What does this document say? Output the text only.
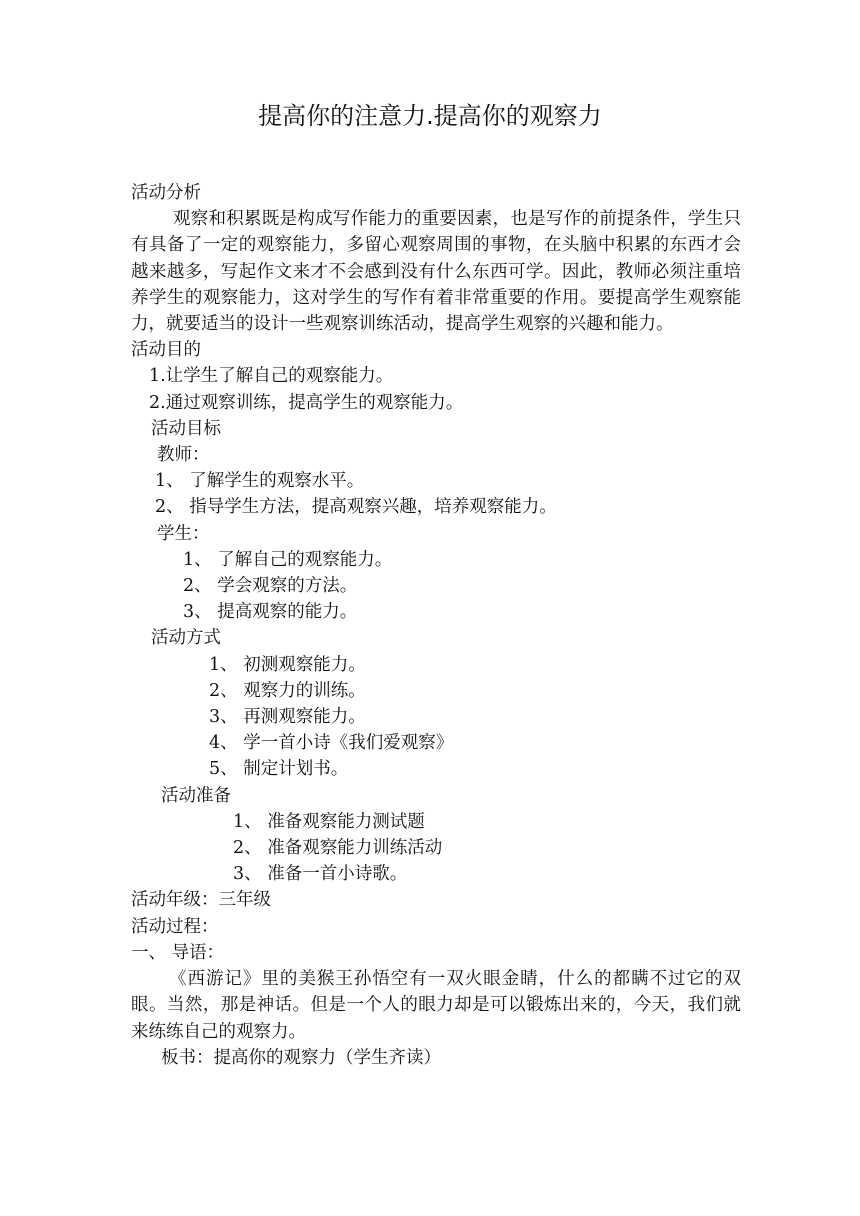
提高你的注意力.提高你的观察力
活动分析
观察和积累既是构成写作能力的重要因素，也是写作的前提条件，学生只有具备了一定的观察能力，多留心观察周围的事物，在头脑中积累的东西才会越来越多，写起作文来才不会感到没有什么东西可学。因此，教师必须注重培养学生的观察能力，这对学生的写作有着非常重要的作用。要提高学生观察能力，就要适当的设计一些观察训练活动，提高学生观察的兴趣和能力。
活动目的
1.让学生了解自己的观察能力。
2.通过观察训练，提高学生的观察能力。
活动目标
教师：
1、 了解学生的观察水平。
2、 指导学生方法，提高观察兴趣，培养观察能力。
学生：
1、 了解自己的观察能力。
2、 学会观察的方法。
3、 提高观察的能力。
活动方式
1、 初测观察能力。
2、 观察力的训练。
3、 再测观察能力。
4、 学一首小诗《我们爱观察》
5、 制定计划书。
活动准备
1、 准备观察能力测试题
2、 准备观察能力训练活动
3、 准备一首小诗歌。
活动年级：三年级
活动过程：
一、 导语：
《西游记》里的美猴王孙悟空有一双火眼金睛，什么的都瞒不过它的双眼。当然，那是神话。但是一个人的眼力却是可以锻炼出来的，今天，我们就来练练自己的观察力。
板书：提高你的观察力（学生齐读）
